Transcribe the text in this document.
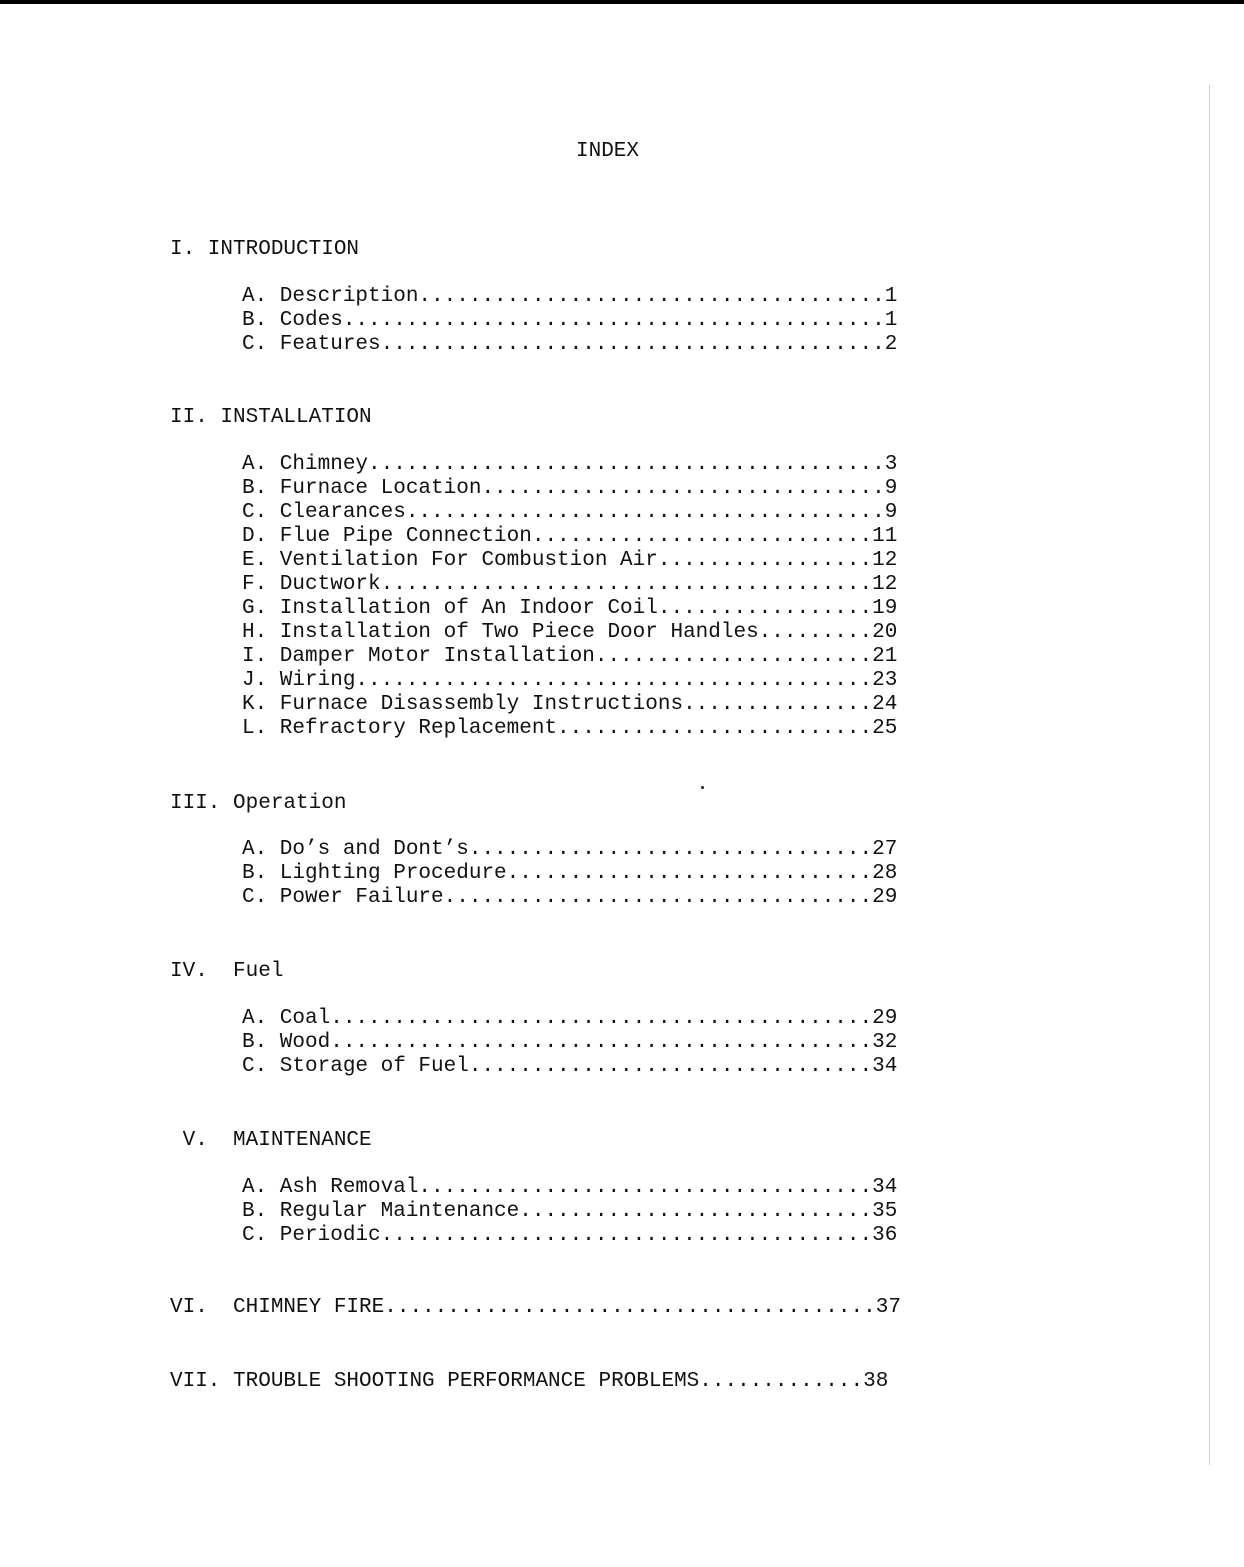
INDEX
I. INTRODUCTION
A. Description.....................................1
B. Codes...........................................1
C. Features........................................2
II. INSTALLATION
A. Chimney.........................................3
B. Furnace Location................................9
C. Clearances......................................9
D. Flue Pipe Connection...........................11
E. Ventilation For Combustion Air.................12
F. Ductwork.......................................12
G. Installation of An Indoor Coil.................19
H. Installation of Two Piece Door Handles.........20
I. Damper Motor Installation......................21
J. Wiring.........................................23
K. Furnace Disassembly Instructions...............24
L. Refractory Replacement.........................25
III. Operation
A. Do’s and Dont’s................................27
B. Lighting Procedure.............................28
C. Power Failure..................................29
IV.  Fuel
A. Coal...........................................29
B. Wood...........................................32
C. Storage of Fuel................................34
V.  MAINTENANCE
A. Ash Removal....................................34
B. Regular Maintenance............................35
C. Periodic.......................................36
VI.  CHIMNEY FIRE.......................................37
VII. TROUBLE SHOOTING PERFORMANCE PROBLEMS.............38
